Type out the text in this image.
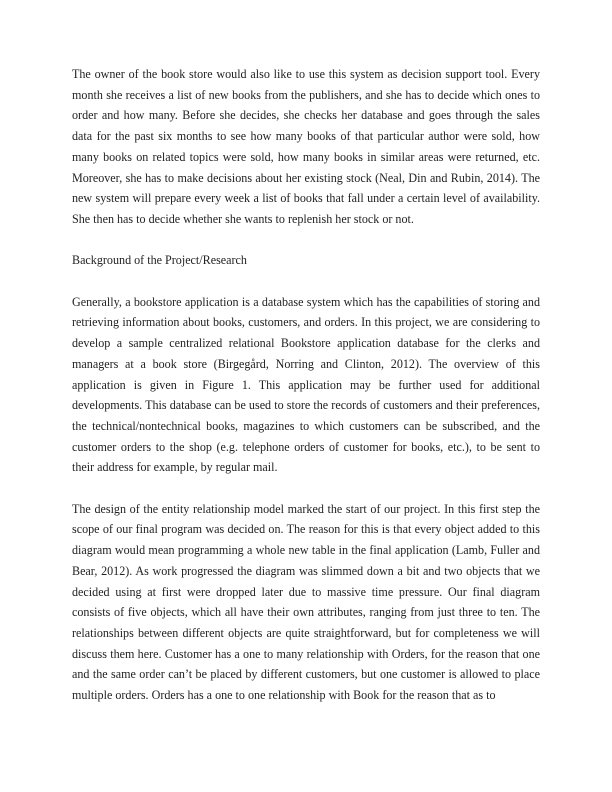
The owner of the book store would also like to use this system as decision support tool. Every month she receives a list of new books from the publishers, and she has to decide which ones to order and how many. Before she decides, she checks her database and goes through the sales data for the past six months to see how many books of that particular author were sold, how many books on related topics were sold, how many books in similar areas were returned, etc. Moreover, she has to make decisions about her existing stock (Neal, Din and Rubin, 2014). The new system will prepare every week a list of books that fall under a certain level of availability. She then has to decide whether she wants to replenish her stock or not.

Background of the Project/Research

Generally, a bookstore application is a database system which has the capabilities of storing and retrieving information about books, customers, and orders. In this project, we are considering to develop a sample centralized relational Bookstore application database for the clerks and managers at a book store (Birgegård, Norring and Clinton, 2012). The overview of this application is given in Figure 1. This application may be further used for additional developments. This database can be used to store the records of customers and their preferences, the technical/nontechnical books, magazines to which customers can be subscribed, and the customer orders to the shop (e.g. telephone orders of customer for books, etc.), to be sent to their address for example, by regular mail.

The design of the entity relationship model marked the start of our project. In this first step the scope of our final program was decided on. The reason for this is that every object added to this diagram would mean programming a whole new table in the final application (Lamb, Fuller and Bear, 2012). As work progressed the diagram was slimmed down a bit and two objects that we decided using at first were dropped later due to massive time pressure. Our final diagram consists of five objects, which all have their own attributes, ranging from just three to ten. The relationships between different objects are quite straightforward, but for completeness we will discuss them here. Customer has a one to many relationship with Orders, for the reason that one and the same order can’t be placed by different customers, but one customer is allowed to place multiple orders. Orders has a one to one relationship with Book for the reason that as to
